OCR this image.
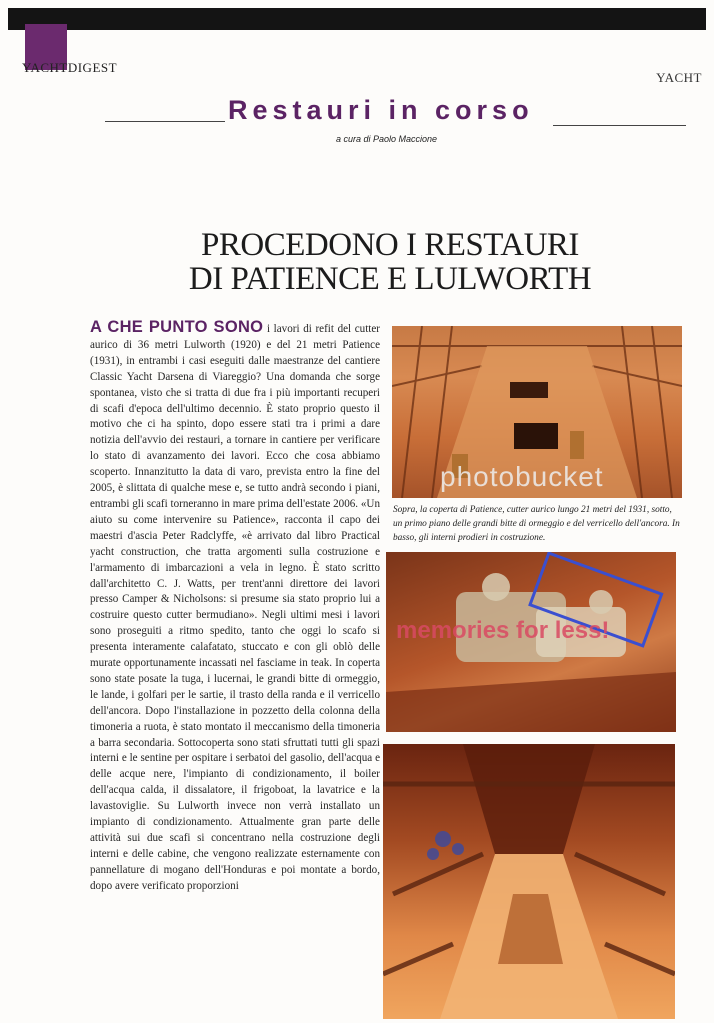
YACHTDIGEST
YACHT
Restauri in corso
a cura di Paolo Maccione
PROCEDONO I RESTAURI
DI PATIENCE E LULWORTH

A CHE PUNTO SONO i lavori di refit del cutter aurico di 36 metri Lulworth (1920) e del 21 metri Patience (1931), in entrambi i casi eseguiti dalle maestranze del cantiere Classic Yacht Darsena di Viareggio? Una domanda che sorge spontanea, visto che si tratta di due fra i più importanti recuperi di scafi d'epoca dell'ultimo decennio. È stato proprio questo il motivo che ci ha spinto, dopo essere stati tra i primi a dare notizia dell'avvio dei restauri, a tornare in cantiere per verificare lo stato di avanzamento dei lavori. Ecco che cosa abbiamo scoperto. Innanzitutto la data di varo, prevista entro la fine del 2005, è slittata di qualche mese e, se tutto andrà secondo i piani, entrambi gli scafi torneranno in mare prima dell'estate 2006. «Un aiuto su come intervenire su Patience», racconta il capo dei maestri d'ascia Peter Radclyffe, «è arrivato dal libro Practical yacht construction, che tratta argomenti sulla costruzione e l'armamento di imbarcazioni a vela in legno. È stato scritto dall'architetto C. J. Watts, per trent'anni direttore dei lavori presso Camper & Nicholsons: si presume sia stato proprio lui a costruire questo cutter bermudiano». Negli ultimi mesi i lavori sono proseguiti a ritmo spedito, tanto che oggi lo scafo si presenta interamente calafatato, stuccato e con gli oblò delle murate opportunamente incassati nel fasciame in teak. In coperta sono state posate la tuga, i lucernai, le grandi bitte di ormeggio, le lande, i golfari per le sartie, il trasto della randa e il verricello dell'ancora. Dopo l'installazione in pozzetto della colonna della timoneria a ruota, è stato montato il meccanismo della timoneria a barra secondaria. Sottocoperta sono stati sfruttati tutti gli spazi interni e le sentine per ospitare i serbatoi del gasolio, dell'acqua e delle acque nere, l'impianto di condizionamento, il boiler dell'acqua calda, il dissalatore, il frigoboat, la lavatrice e la lavastoviglie. Su Lulworth invece non verrà installato un impianto di condizionamento. Attualmente gran parte delle attività sui due scafi si concentrano nella costruzione degli interni e delle cabine, che vengono realizzate esternamente con pannellature di mogano dell'Honduras e poi montate a bordo, dopo avere verificato proporzioni

photobucket

Sopra, la coperta di Patience, cutter aurico lungo 21 metri del 1931, sotto, un primo piano delle grandi bitte di ormeggio e del verricello dell'ancora. In basso, gli interni prodieri in costruzione.

memories for less!
